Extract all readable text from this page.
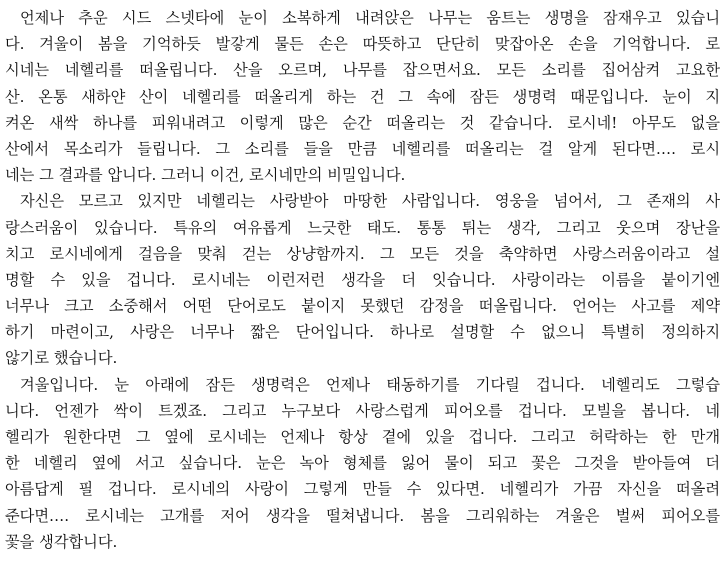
언제나 추운 시드 스넷타에 눈이 소복하게 내려앉은 나무는 움트는 생명을 잠재우고 있습니
다. 겨울이 봄을 기억하듯 발갛게 물든 손은 따뜻하고 단단히 맞잡아온 손을 기억합니다. 로
시네는 네헬리를 떠올립니다. 산을 오르며, 나무를 잡으면서요. 모든 소리를 집어삼켜 고요한
산. 온통 새하얀 산이 네헬리를 떠올리게 하는 건 그 속에 잠든 생명력 때문입니다. 눈이 지
켜온 새싹 하나를 피워내려고 이렇게 많은 순간 떠올리는 것 같습니다. 로시네! 아무도 없을
산에서 목소리가 들립니다. 그 소리를 들을 만큼 네헬리를 떠올리는 걸 알게 된다면…. 로시
네는 그 결과를 압니다. 그러니 이건, 로시네만의 비밀입니다.
자신은 모르고 있지만 네헬리는 사랑받아 마땅한 사람입니다. 영웅을 넘어서, 그 존재의 사
랑스러움이 있습니다. 특유의 여유롭게 느긋한 태도. 통통 튀는 생각, 그리고 웃으며 장난을
치고 로시네에게 걸음을 맞춰 걷는 상냥함까지. 그 모든 것을 축약하면 사랑스러움이라고 설
명할 수 있을 겁니다. 로시네는 이런저런 생각을 더 잇습니다. 사랑이라는 이름을 붙이기엔
너무나 크고 소중해서 어떤 단어로도 붙이지 못했던 감정을 떠올립니다. 언어는 사고를 제약
하기 마련이고, 사랑은 너무나 짧은 단어입니다. 하나로 설명할 수 없으니 특별히 정의하지
않기로 했습니다.
겨울입니다. 눈 아래에 잠든 생명력은 언제나 태동하기를 기다릴 겁니다. 네헬리도 그렇습
니다. 언젠가 싹이 트겠죠. 그리고 누구보다 사랑스럽게 피어오를 겁니다. 모빌을 봅니다. 네
헬리가 원한다면 그 옆에 로시네는 언제나 항상 곁에 있을 겁니다. 그리고 허락하는 한 만개
한 네헬리 옆에 서고 싶습니다. 눈은 녹아 형체를 잃어 물이 되고 꽃은 그것을 받아들여 더
아름답게 필 겁니다. 로시네의 사랑이 그렇게 만들 수 있다면. 네헬리가 가끔 자신을 떠올려
준다면…. 로시네는 고개를 저어 생각을 떨쳐냅니다. 봄을 그리워하는 겨울은 벌써 피어오를
꽃을 생각합니다.
